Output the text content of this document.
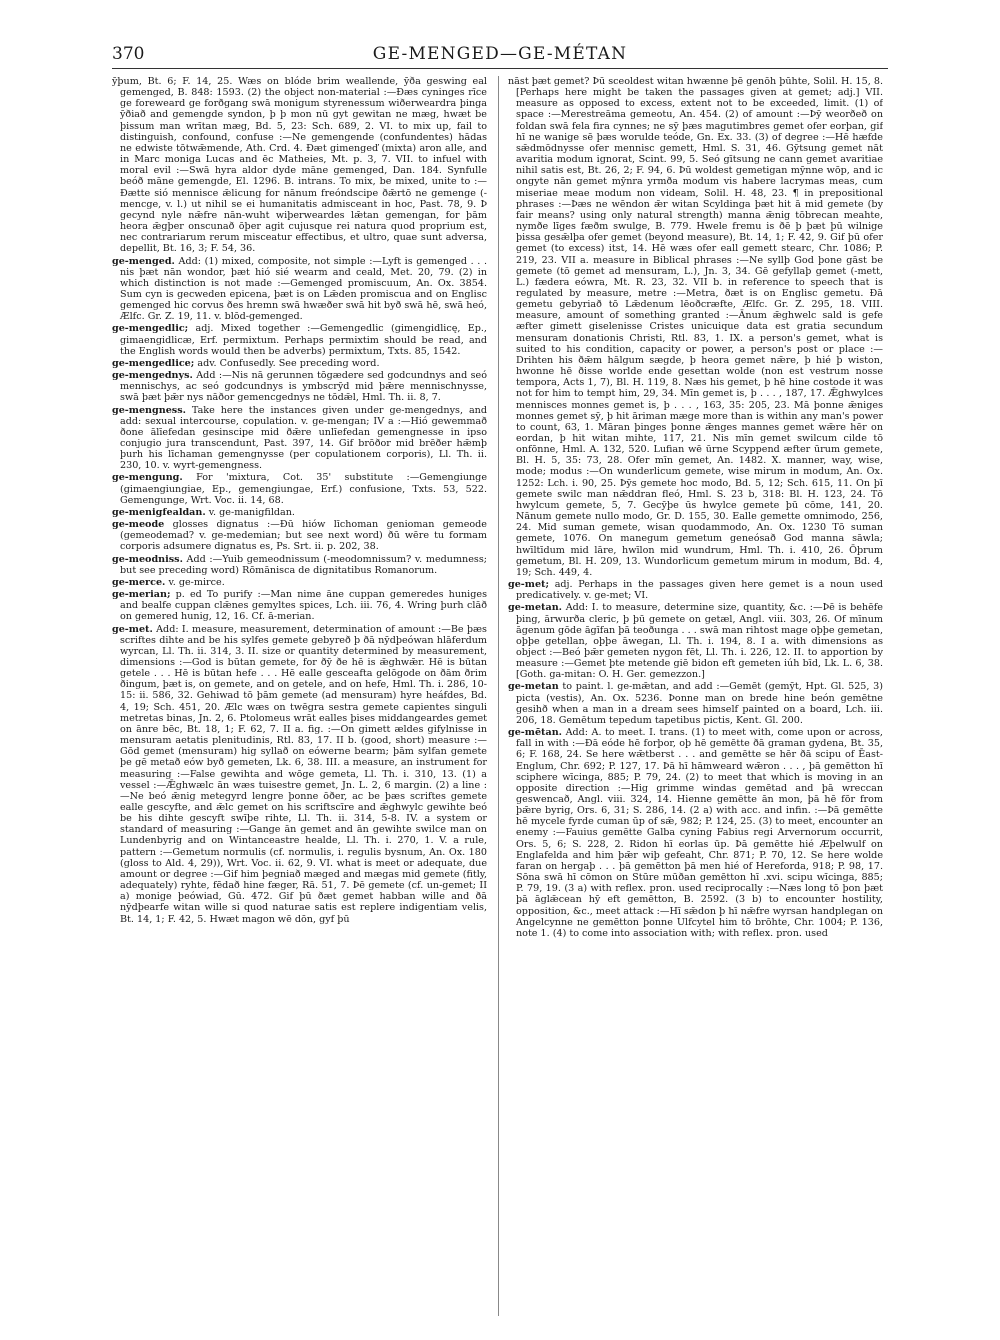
370	GE-MENGED—GE-MÉTAN

ȳþum, Bt. 6; F. 14, 25. Wæs on blóde brim weallende, ȳða geswing eal gemenged, B. 848: 1593. (2) the object non-material :—Ðæs cyninges rīce ge foreweard ge forðgang swā monigum styrenessum wiðerweardra þinga ȳðiað and gemengde syndon, þ þ mon nū gyt gewitan ne mæg, hwæt be þissum man wrītan mæg, Bd. 5, 23: Sch. 689, 2. VI. to mix up, fail to distinguish, confound, confuse :—Ne gemengende (confundentes) hādas ne edwiste tōtwǣmende, Ath. Crd. 4. Ðæt gimengeď (mixta) aron alle, and in Marc moniga Lucas and ēc Matheies, Mt. p. 3, 7. VII. to infuel with moral evil :—Swā hyra aldor dyde māne gemenged, Dan. 184. Synfulle beóð māne gemengde, El. 1296. B. intrans. To mix, be mixed, unite to :—Ðætte sió mennisce ǣlicung for nānum freóndscipe ðǣrtō ne gemenge (-mencge, v. l.) ut nihil se ei humanitatis admisceant in hoc, Past. 78, 9. Þ gecynd nyle nǣfre nān-wuht wiþerweardes lǣtan gemengan, for þām heora ǣgþer onscunað ōþer agit cujusque rei natura quod proprium est, nec contrariarum rerum misceatur effectibus, et ultro, quae sunt adversa, depellit, Bt. 16, 3; F. 54, 36.

ge-menged. Add: (1) mixed, composite, not simple :—Lyft is gemenged . . . nis þæt nān wondor, þæt hió sié wearm and ceald, Met. 20, 79. (2) in which distinction is not made :—Gemenged promiscuum, An. Ox. 3854. Sum cyn is gecweden epicena, þæt is on Lǣden promiscua and on Englisc gemenged hic corvus ðes hremn swā hwæðer swā hit byð swā hē, swā heó, Ælfc. Gr. Z. 19, 11. v. blōd-gemenged.

ge-mengedlic; adj. Mixed together :—Gemengedlic (gimengidlicę, Ep., gimaengidlicæ, Erf. permixtum. Perhaps permixtim should be read, and the English words would then be adverbs) permixtum, Txts. 85, 1542.

ge-mengedlice; adv. Confusedly. See preceding word.

ge-mengednys. Add :—Nis nā gerunnen tōgædere sed godcundnys and seó mennischys, ac seó godcundnys is ymbscrȳd mid þǣre mennischnysse, swā þæt þǣr nys nāðor gemencgednys ne tōdǣl, Hml. Th. ii. 8, 7.

ge-mengness. Take here the instances given under ge-mengednys, and add: sexual intercourse, copulation. v. ge-mengan; IV a :—Hió gewemmað ðone ālīefedan gesinscipe mid ðǣre unlīefedan gemengnesse in ipso conjugio jura transcendunt, Past. 397, 14. Gif brōðor mid brēðer hǣmþ þurh his līchaman gemengnysse (per copulationem corporis), Ll. Th. ii. 230, 10. v. wyrt-gemengness.

ge-mengung. For 'mixtura, Cot. 35' substitute :—Gemengiunge (gimaengiungiae, Ep., gemengiungae, Erf.) confusione, Txts. 53, 522. Gemengunge, Wrt. Voc. ii. 14, 68.

ge-menigfealdan. v. ge-manigfildan.

ge-meode glosses dignatus :—Ðū hiów līchoman genioman gemeode (gemeodemad? v. ge-medemian; but see next word) ðū wēre tu formam corporis adsumere dignatus es, Ps. Srt. ii. p. 202, 38.

ge-meodniss. Add :—Yuib gemeodnissum (-meodomnissum? v. medumness; but see preceding word) Rōmānisca de dignitatibus Romanorum.

ge-merce. v. ge-mirce.

ge-merian; p. ed To purify :—Man nime āne cuppan gemeredes huniges and bealfe cuppan clǣnes gemyltes spices, Lch. iii. 76, 4. Wring þurh clāð on gemered hunig, 12, 16. Cf. ā-merian.

ge-met. Add: I. measure, measurement, determination of amount :—Be þæs scriftes dihte and be his sylfes gemete gebyreð þ ðā nȳdþeówan hlāferdum wyrcan, Ll. Th. ii. 314, 3. II. size or quantity determined by measurement, dimensions :—God is būtan gemete, for ðȳ ðe hē is ǣghwǣr. Hē is būtan getele . . . Hē is būtan hefe . . . Hē ealle gesceafta gelōgode on ðām ðrim ðingum, þæt is, on gemete, and on getele, and on hefe, Hml. Th. i. 286, 10-15: ii. 586, 32. Gehiwad tō þām gemete (ad mensuram) hyre heáfdes, Bd. 4, 19; Sch. 451, 20. Ælc wæs on twēgra sestra gemete capientes singuli metretas binas, Jn. 2, 6. Ptolomeus wrāt ealles þises middangeardes gemet on ānre bēc, Bt. 18, 1; F. 62, 7. II a. fig. :—On gimett ældes gifylnisse in mensuram aetatis plenitudinis, Rtl. 83, 17. II b. (good, short) measure :—Gōd gemet (mensuram) hig syllað on eówerne bearm; þām sylfan gemete þe gē metað eów byð gemeten, Lk. 6, 38. III. a measure, an instrument for measuring :—False gewihta and wōge gemeta, Ll. Th. i. 310, 13. (1) a vessel :—Ǣghwælc ān wæs tuisestre gemet, Jn. L. 2, 6 margin. (2) a line :—Ne beó ǣnig metegyrd lengre þonne ōðer, ac be þæs scriftes gemete ealle gescyfte, and ǣlc gemet on his scriftscīre and ǣghwylc gewihte beó be his dihte gescyft swīþe rihte, Ll. Th. ii. 314, 5-8. IV. a system or standard of measuring :—Gange ān gemet and ān gewihte swilce man on Lundenbyrig and on Wintanceastre healde, Ll. Th. i. 270, 1. V. a rule, pattern :—Gemetum normulis (cf. normulis, i. regulis bysnum, An. Ox. 180 (gloss to Ald. 4, 29)), Wrt. Voc. ii. 62, 9. VI. what is meet or adequate, due amount or degree :—Gif him þegniað mæged and mægas mid gemete (fitly, adequately) ryhte, fēdað hine fæger, Rā. 51, 7. Þē gemete (cf. un-gemet; II a) monige þeówiad, Gū. 472. Gif þū ðæt gemet habban wille and ðā nȳdþearfe witan wille si quod naturae satis est replere indigentiam velis, Bt. 14, 1; F. 42, 5. Hwæt magon wē dōn, gyf þū

nāst þæt gemet? Þū sceoldest witan hwænne þē genōh þūhte, Solil. H. 15, 8. [Perhaps here might be taken the passages given at gemet; adj.] VII. measure as opposed to excess, extent not to be exceeded, limit. (1) of space :—Merestreāma gemeotu, An. 454. (2) of amount :—Þȳ weorðeð on foldan swā fela fira cynnes; ne sȳ þæs magutimbres gemet ofer eorþan, gif hī ne wanige sē þæs worulde teóde, Gn. Ex. 33. (3) of degree :—Hē hæfde sǣdmōdnysse ofer mennisc gemett, Hml. S. 31, 46. Gȳtsung gemet nāt avaritia modum ignorat, Scint. 99, 5. Seó gītsung ne cann gemet avaritiae nihil satis est, Bt. 26, 2; F. 94, 6. Þū woldest gemetigan mȳnne wōp, and ic ongyte nān gemet mȳnra yrmða modum vis habere lacrymas meas, cum miseriae meae modum non videam, Solil. H. 48, 23. ¶ in prepositional phrases :—Þæs ne wēndon ǣr witan Scyldinga þæt hit ā mid gemete (by fair means? using only natural strength) manna ǣnig tōbrecan meahte, nymðe līges fæðm swulge, B. 779. Hwele fremu is ðē þ þæt þū wilnige þissa gesǣlþa ofer gemet (beyond measure), Bt. 14, 1; F. 42, 9. Gif þū ofer gemet (to excess) itst, 14. Hē wæs ofer eall gemett stearc, Chr. 1086; P. 219, 23. VII a. measure in Biblical phrases :—Ne syllþ God þone gāst be gemete (tō gemet ad mensuram, L.), Jn. 3, 34. Gē gefyllaþ gemet (-mett, L.) fædera eówra, Mt. R. 23, 32. VII b. in reference to speech that is regulated by measure, metre :—Metra, ðæt is on Englisc gemetu. Ðā gemetu gebyriað tō Lǣdenum lēoðcræfte, Ælfc. Gr. Z. 295, 18. VIII. measure, amount of something granted :—Ānum ǣghwelc sald is gefe æfter gimett giselenisse Cristes unicuique data est gratia secundum mensuram donationis Christi, Rtl. 83, 1. IX. a person's gemet, what is suited to his condition, capacity or power, a person's post or place :—Drihten his ðǣm hālgum sægde, þ heora gemet nǣre, þ hié þ wiston, hwonne hē ðisse worlde ende gesettan wolde (non est vestrum nosse tempora, Acts 1, 7), Bl. H. 119, 8. Næs his gemet, þ hē hine costode it was not for him to tempt him, 29, 34. Mīn gemet is, þ . . . , 187, 17. Ǣghwylces mennisces monnes gemet is, þ . . . , 163, 35: 205, 23. Mā þonne ǣniges monnes gemet sȳ, þ hit āriman mæge more than is within any man's power to count, 63, 1. Māran þinges þonne ǣnges mannes gemet wǣre hēr on eordan, þ hit witan mihte, 117, 21. Nis mīn gemet swilcum cilde tō onfōnne, Hml. A. 132, 520. Lufian wē ūrne Scyppend æfter ūrum gemete, Bl. H. 5, 35: 73, 28. Ofer mīn gemet, An. 1482. X. manner, way, wise, mode; modus :—On wunderlicum gemete, wise mirum in modum, An. Ox. 1252: Lch. i. 90, 25. Þȳs gemete hoc modo, Bd. 5, 12; Sch. 615, 11. On þī gemete swilc man nǣddran fleó, Hml. S. 23 b, 318: Bl. H. 123, 24. Tō hwylcum gemete, 5, 7. Gecȳþe ūs hwylce gemete þū cōme, 141, 20. Nānum gemete nullo modo, Gr. D. 155, 30. Ealle gemette omnimodo, 256, 24. Mid suman gemete, wisan quodammodo, An. Ox. 1230 Tō suman gemete, 1076. On manegum gemetum geneósað God manna sāwla; hwīltīdum mid lāre, hwīlon mid wundrum, Hml. Th. i. 410, 26. Ōþrum gemetum, Bl. H. 209, 13. Wundorlicum gemetum mirum in modum, Bd. 4, 19; Sch. 449, 4.

ge-met; adj. Perhaps in the passages given here gemet is a noun used predicatively. v. ge-met; VI.

ge-metan. Add: I. to measure, determine size, quantity, &c. :—Þē is behēfe þing, ārwurða cleric, þ þū gemete on getæl, Angl. viii. 303, 26. Of mīnum āgenum gōde āgīfan þā teoðunga . . . swā man rihtost mage oþþe gemetan, oþþe getellan, oþþe āwegan, Ll. Th. i. 194, 8. I a. with dimensions as object :—Beó þǣr gemeten nygon fēt, Ll. Th. i. 226, 12. II. to apportion by measure :—Gemet þte metende giē bidon eft gemeten iúh bīd, Lk. L. 6, 38. [Goth. ga-mitan: O. H. Ger. gemezzon.]

ge-metan to paint. l. ge-mǣtan, and add :—Gemēt (gemȳt, Hpt. Gl. 525, 3) picta (vestis), An. Ox. 5236. Þonne man on brede hine beón gemētne gesihð when a man in a dream sees himself painted on a board, Lch. iii. 206, 18. Gemētum tepedum tapetibus pictis, Kent. Gl. 200.

ge-mētan. Add: A. to meet. I. trans. (1) to meet with, come upon or across, fall in with :—Ðā eóde hē forþor, oþ hē gemētte ðā graman gydena, Bt. 35, 6; F. 168, 24. Se here wǣtberst . . . and gemētte se hēr ðā scipu of Ēast-Englum, Chr. 692; P. 127, 17. Þā hī hāmweard wǣron . . . , þā gemētton hī sciphere wīcinga, 885; P. 79, 24. (2) to meet that which is moving in an opposite direction :—Hig grimme windas gemētad and þā wreccan geswencað, Angl. viii. 324, 14. Hienne gemētte ān mon, þā hē fōr from þǣre byrig, Ors. 6, 31; S. 286, 14. (2 a) with acc. and infin. :—Þā gemētte hē mycele fyrde cuman ūp of sǣ, 982; P. 124, 25. (3) to meet, encounter an enemy :—Fauius gemētte Galba cyning Fabius regi Arvernorum occurrit, Ors. 5, 6; S. 228, 2. Ridon hī eorlas ūp. Þā gemētte hié Æþelwulf on Englafelda and him þǣr wiþ gefeaht, Chr. 871; P. 70, 12. Se here wolde faran on hergaþ . . . þā gemētton þā men hié of Hereforda, 918; P. 98, 17. Sōna swā hī cōmon on Stūre mūðan gemētton hī .xvi. scipu wīcinga, 885; P. 79, 19. (3 a) with reflex. pron. used reciprocally :—Næs long tō þon þæt þā āglǣcean hȳ eft gemētton, B. 2592. (3 b) to encounter hostility, opposition, &c., meet attack :—Hī sǣdon þ hī nǣfre wyrsan handplegan on Angelcynne ne gemētton þonne Ulfcytel him tō brōhte, Chr. 1004; P. 136, note 1. (4) to come into association with; with reflex. pron. used
